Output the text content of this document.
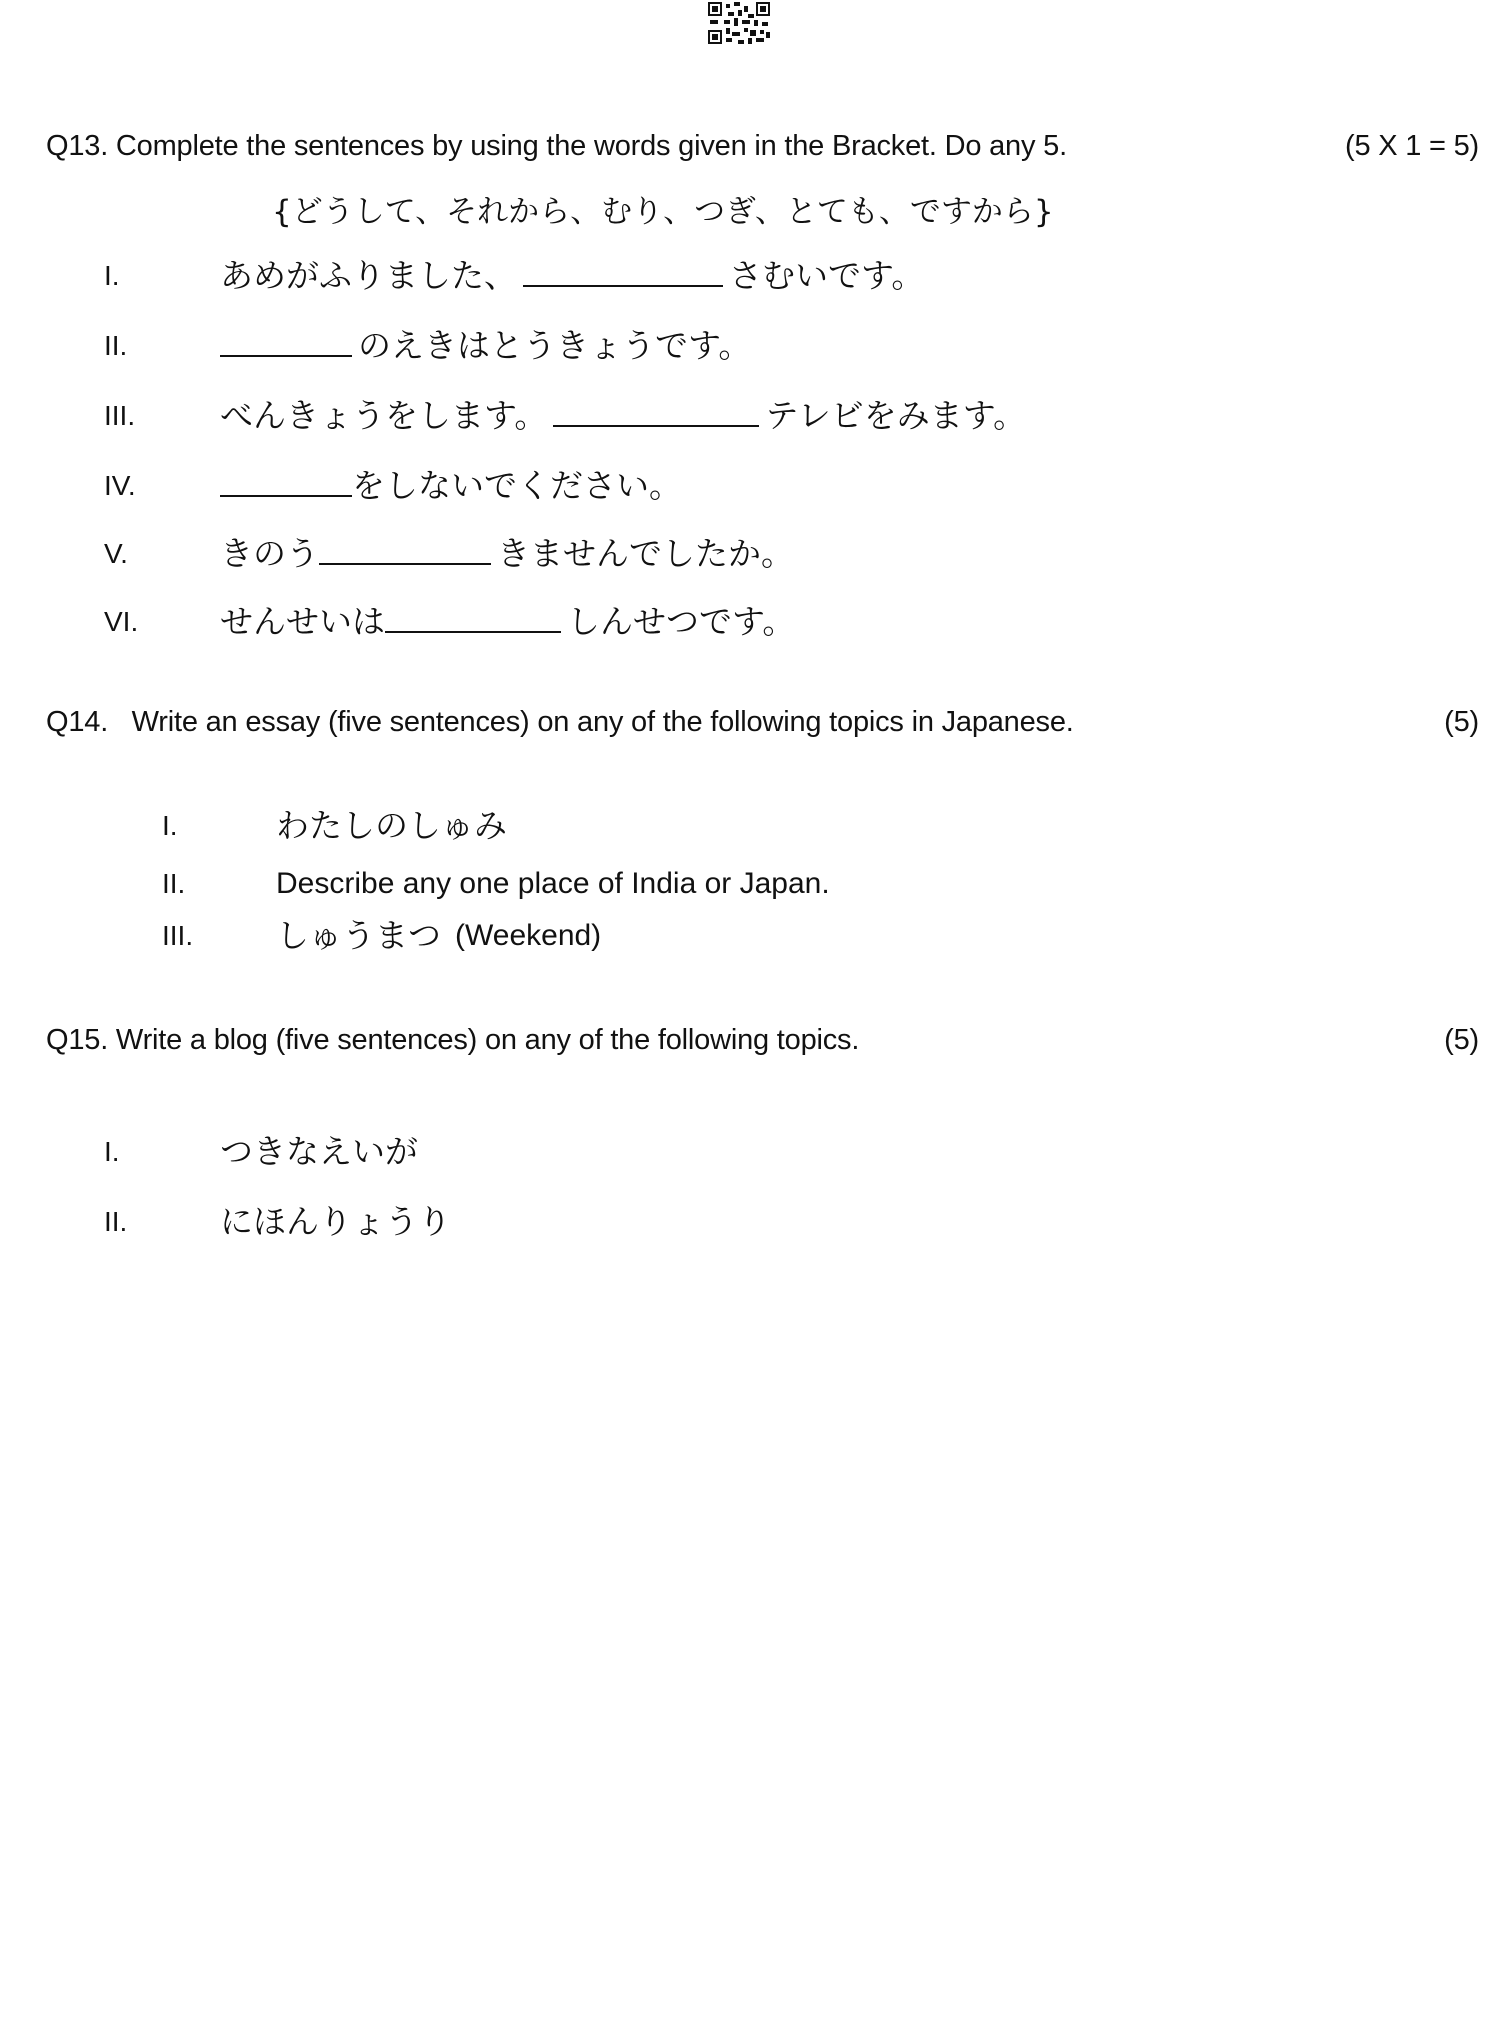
Q13. Complete the sentences by using the words given in the Bracket. Do any 5.	(5 X 1 = 5)
{どうして、それから、むり、つぎ、とても、ですから}
I.	あめがふりました、	さむいです。
II.	のえきはとうきょうです。
III.	べんきょうをします。	テレビをみます。
IV.	をしないでください。
V.	きのう	きませんでしたか。
VI. せんせいは	しんせつです。
Q14.   Write an essay (five sentences) on any of the following topics in Japanese.	(5)
I.	わたしのしゅみ
II.	Describe any one place of India or Japan.
III.	しゅうまつ (Weekend)
Q15. Write a blog (five sentences) on any of the following topics.	(5)
I.	つきなえいが
II.	にほんりょうり
